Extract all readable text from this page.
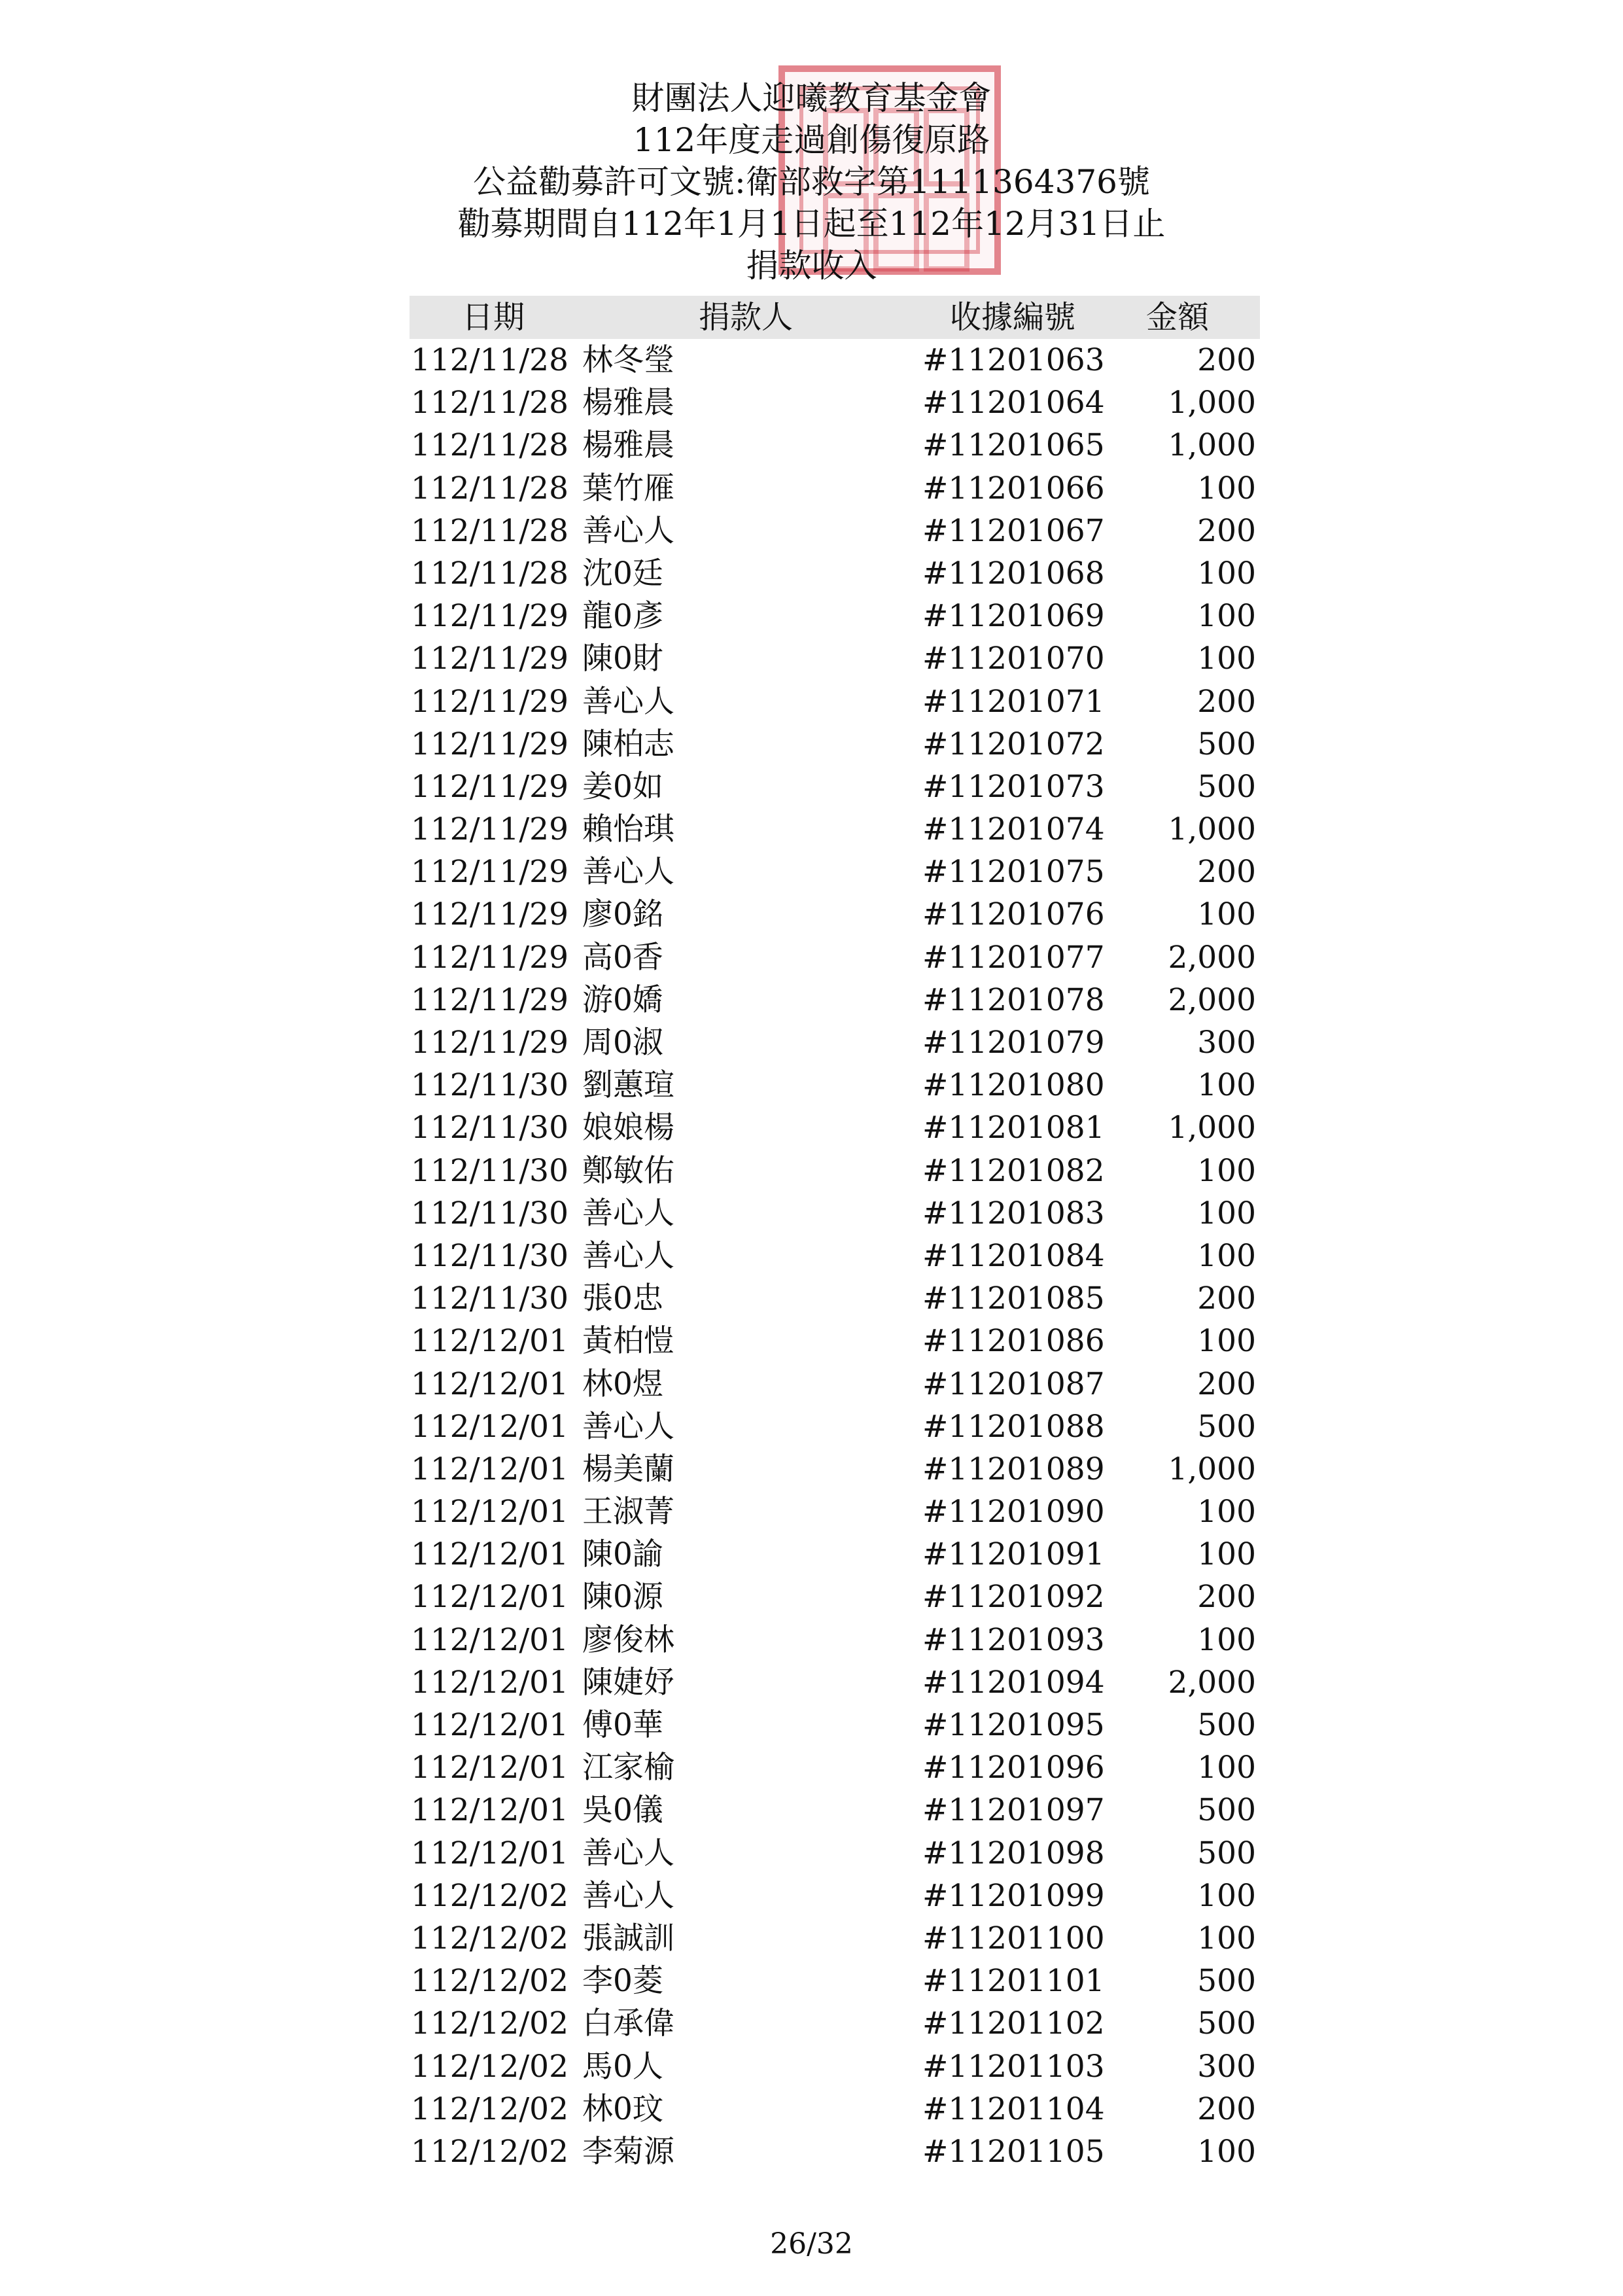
財團法人迎曦教育基金會
112年度走過創傷復原路
公益勸募許可文號:衛部救字第1111364376號
勸募期間自112年1月1日起至112年12月31日止
捐款收入
日期	捐款人	收據編號 金額
112/11/28 林冬瑩	#11201063	200
112/11/28 楊雅晨	#11201064 1,000
112/11/28 楊雅晨	#11201065 1,000
112/11/28 葉竹雁	#11201066	100
112/11/28 善心人	#11201067	200
112/11/28 沈0廷	#11201068	100
112/11/29 龍0彥	#11201069	100
112/11/29 陳0財	#11201070	100
112/11/29 善心人	#11201071	200
112/11/29 陳柏志	#11201072	500
112/11/29 姜0如	#11201073	500
112/11/29 賴怡琪	#11201074 1,000
112/11/29 善心人	#11201075	200
112/11/29 廖0銘	#11201076	100
112/11/29 高0香	#11201077 2,000
112/11/29 游0嬌	#11201078 2,000
112/11/29 周0淑	#11201079	300
112/11/30 劉蕙瑄	#11201080	100
112/11/30 娘娘楊	#11201081 1,000
112/11/30 鄭敏佑	#11201082	100
112/11/30 善心人	#11201083	100
112/11/30 善心人	#11201084	100
112/11/30 張0忠	#11201085	200
112/12/01 黃柏愷	#11201086	100
112/12/01 林0煜	#11201087	200
112/12/01 善心人	#11201088	500
112/12/01 楊美蘭	#11201089 1,000
112/12/01 王淑菁	#11201090	100
112/12/01 陳0諭	#11201091	100
112/12/01 陳0源	#11201092	200
112/12/01 廖俊林	#11201093	100
112/12/01 陳婕妤	#11201094 2,000
112/12/01 傅0華	#11201095	500
112/12/01 江家榆	#11201096	100
112/12/01 吳0儀	#11201097	500
112/12/01 善心人	#11201098	500
112/12/02 善心人	#11201099	100
112/12/02 張誠訓	#11201100	100
112/12/02 李0菱	#11201101	500
112/12/02 白承偉	#11201102	500
112/12/02 馬0人	#11201103	300
112/12/02 林0玟	#11201104	200
112/12/02 李菊源	#11201105	100
26/32
